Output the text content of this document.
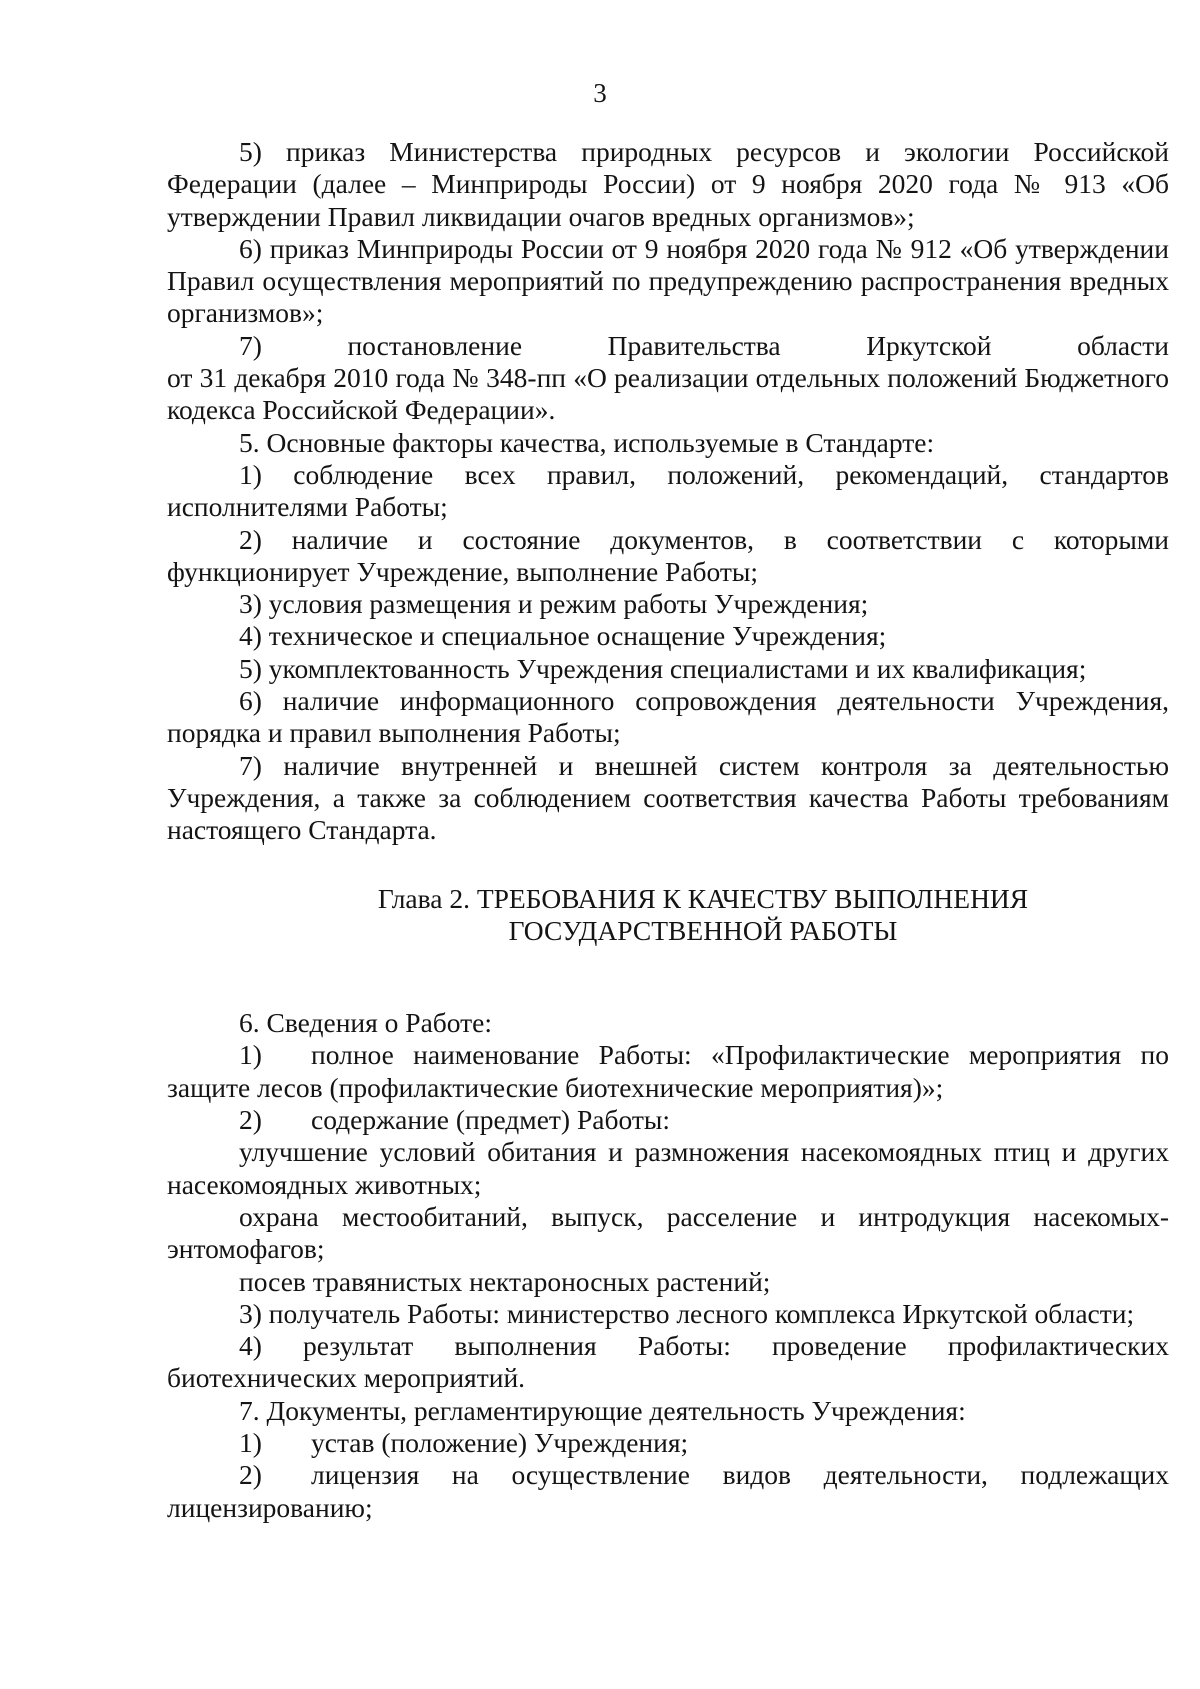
3

5) приказ Министерства природных ресурсов и экологии Российской Федерации (далее – Минприроды России) от 9 ноября 2020 года № 913 «Об утверждении Правил ликвидации очагов вредных организмов»;

6) приказ Минприроды России от 9 ноября 2020 года № 912 «Об утверждении Правил осуществления мероприятий по предупреждению распространения вредных организмов»;

7) постановление Правительства Иркутской области

от 31 декабря 2010 года № 348-пп «О реализации отдельных положений Бюджетного кодекса Российской Федерации».

5. Основные факторы качества, используемые в Стандарте:

1) соблюдение всех правил, положений, рекомендаций, стандартов исполнителями Работы;

2) наличие и состояние документов, в соответствии с которыми функционирует Учреждение, выполнение Работы;

3) условия размещения и режим работы Учреждения;

4) техническое и специальное оснащение Учреждения;

5) укомплектованность Учреждения специалистами и их квалификация;

6) наличие информационного сопровождения деятельности Учреждения, порядка и правил выполнения Работы;

7) наличие внутренней и внешней систем контроля за деятельностью Учреждения, а также за соблюдением соответствия качества Работы требованиям настоящего Стандарта.

Глава 2. ТРЕБОВАНИЯ К КАЧЕСТВУ ВЫПОЛНЕНИЯ
ГОСУДАРСТВЕННОЙ РАБОТЫ

6. Сведения о Работе:

1) полное наименование Работы: «Профилактические мероприятия по защите лесов (профилактические биотехнические мероприятия)»;

2) содержание (предмет) Работы:

улучшение условий обитания и размножения насекомоядных птиц и других насекомоядных животных;

охрана местообитаний, выпуск, расселение и интродукция насекомых-энтомофагов;

посев травянистых нектароносных растений;

3) получатель Работы: министерство лесного комплекса Иркутской области;

4) результат выполнения Работы: проведение профилактических биотехнических мероприятий.

7. Документы, регламентирующие деятельность Учреждения:

1) устав (положение) Учреждения;

2) лицензия на осуществление видов деятельности, подлежащих лицензированию;
